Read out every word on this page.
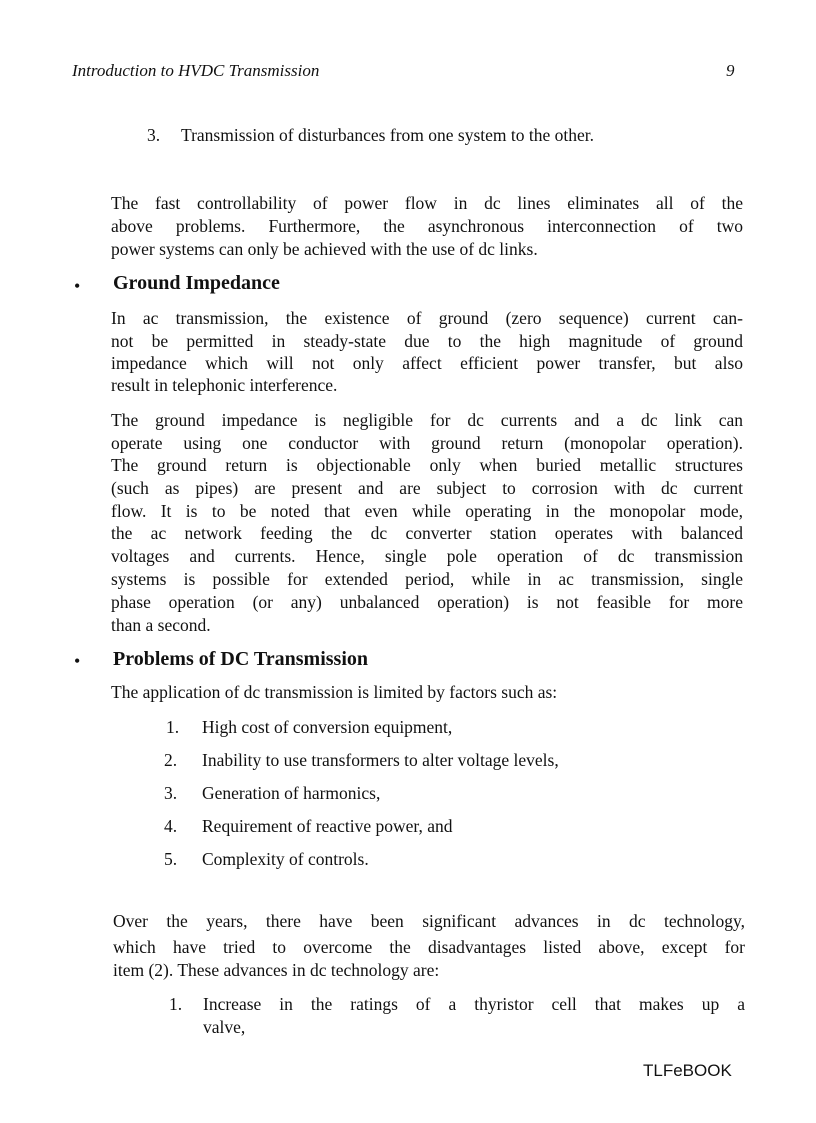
Introduction to HVDC Transmission	9
3. Transmission of disturbances from one system to the other.
The fast controllability of power flow in dc lines eliminates all of the
above problems. Furthermore, the asynchronous interconnection of two
power systems can only be achieved with the use of dc links.
• Ground Impedance
In ac transmission, the existence of ground (zero sequence) current can-
not be permitted in steady-state due to the high magnitude of ground
impedance which will not only affect efficient power transfer, but also
result in telephonic interference.
The ground impedance is negligible for dc currents and a dc link can
operate using one conductor with ground return (monopolar operation).
The ground return is objectionable only when buried metallic structures
(such as pipes) are present and are subject to corrosion with dc current
flow. It is to be noted that even while operating in the monopolar mode,
the ac network feeding the dc converter station operates with balanced
voltages and currents. Hence, single pole operation of dc transmission
systems is possible for extended period, while in ac transmission, single
phase operation (or any) unbalanced operation) is not feasible for more
than a second.
• Problems of DC Transmission
The application of dc transmission is limited by factors such as:
1. High cost of conversion equipment,
2. Inability to use transformers to alter voltage levels,
3. Generation of harmonics,
4. Requirement of reactive power, and
5. Complexity of controls.
Over the years, there have been significant advances in dc technology,
which have tried to overcome the disadvantages listed above, except for
item (2). These advances in dc technology are:
1. Increase in the ratings of a thyristor cell that makes up a
valve,
TLFeBOOK
